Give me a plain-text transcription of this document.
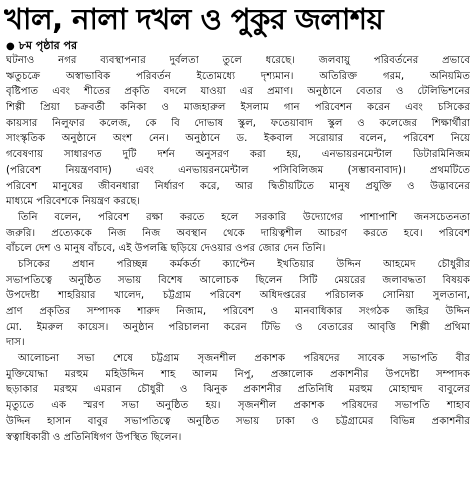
খাল, নালা দখল ও পুকুর জলাশয়
● ৮ম পৃষ্ঠার পর
ঘটনাও নগর ব্যবস্থাপনার দুর্বলতা তুলে ধরেছে। জলবায়ু পরিবর্তনের প্রভাবে
ঋতুচক্রে অস্বাভাবিক পরিবর্তন ইতোমধ্যে দৃশ্যমান। অতিরিক্ত গরম, অনিয়মিত
বৃষ্টিপাত এবং শীতের প্রকৃতি বদলে যাওয়া এর প্রমাণ। অনুষ্ঠানে বেতার ও টেলিভিশনের
শিল্পী প্রিয়া চক্রবর্তী কনিকা ও মাজহারুল ইসলাম গান পরিবেশন করেন এবং চসিকের
কায়সার নিলুফার কলেজ, কে বি দোভাষ স্কুল, ফতেয়াবাদ স্কুল ও কলেজের শিক্ষার্থীরা
সাংস্কৃতিক অনুষ্ঠানে অংশ নেন। অনুষ্ঠানে ড. ইকবাল সরোয়ার বলেন, পরিবেশ নিয়ে
গবেষণায় সাধারণত দুটি দর্শন অনুসরণ করা হয়, এনভায়রনমেন্টাল ডিটারমিনিজম
(পরিবেশ নিয়ন্ত্রণবাদ) এবং এনভায়রনমেন্টাল পসিবিলিজম (সম্ভাবনাবাদ)। প্রথমটিতে
পরিবেশ মানুষের জীবনধারা নির্ধারণ করে, আর দ্বিতীয়টিতে মানুষ প্রযুক্তি ও উদ্ভাবনের
মাধ্যমে পরিবেশকে নিয়ন্ত্রণ করছে।
তিনি বলেন, পরিবেশ রক্ষা করতে হলে সরকারি উদ্যোগের পাশাপাশি জনসচেতনতা
জরুরি। প্রত্যেককে নিজ নিজ অবস্থান থেকে দায়িত্বশীল আচরণ করতে হবে। পরিবেশ
বাঁচলে দেশ ও মানুষ বাঁচবে, এই উপলব্ধি ছড়িয়ে দেওয়ার ওপর জোর দেন তিনি।
চসিকের প্রধান পরিচ্ছন্ন কর্মকর্তা ক্যাপ্টেন ইখতিয়ার উদ্দিন আহমেদ চৌধুরীর
সভাপতিত্বে অনুষ্ঠিত সভায় বিশেষ আলোচক ছিলেন সিটি মেয়রের জলাবদ্ধতা বিষয়ক
উপদেষ্টা শাহরিয়ার খালেদ, চট্টগ্রাম পরিবেশ অধিদপ্তরের পরিচালক সোনিয়া সুলতানা,
প্রাণ প্রকৃতির সম্পাদক শারুদ নিজাম, পরিবেশ ও মানবাধিকার সংগঠক জহির উদ্দিন
মো. ইমরুল কায়েস। অনুষ্ঠান পরিচালনা করেন টিভি ও বেতারের আবৃত্তি শিল্পী প্রথিমা
দাস।
আলোচনা সভা শেষে চট্টগ্রাম সৃজনশীল প্রকাশক পরিষদের সাবেক সভাপতি বীর
মুক্তিযোদ্ধা মরহুম মহিউদ্দিন শাহ আলম নিপু, প্রজ্ঞালোক প্রকাশনীর উপদেষ্টা সম্পাদক
ছড়াকার মরহুম এমরান চৌধুরী ও ঝিনুক প্রকাশনীর প্রতিনিধি মরহুম মোহাম্মদ বাবুলের
মৃত্যুতে এক স্মরণ সভা অনুষ্ঠিত হয়। সৃজনশীল প্রকাশক পরিষদের সভাপতি শাহাব
উদ্দিন হাসান বাবুর সভাপতিত্বে অনুষ্ঠিত সভায় ঢাকা ও চট্টগ্রামের বিভিন্ন প্রকাশনীর
স্বত্বাধিকারী ও প্রতিনিধিগণ উপস্থিত ছিলেন।
